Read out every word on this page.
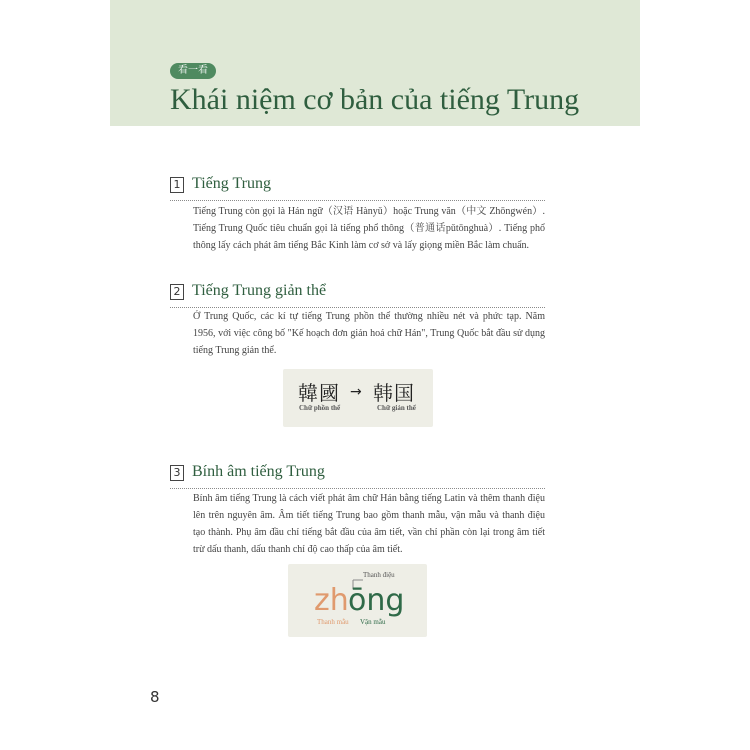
看一看
Khái niệm cơ bản của tiếng Trung
1 Tiếng Trung

Tiếng Trung còn gọi là Hán ngữ（汉语 Hànyǔ）hoặc Trung văn（中文 Zhōngwén）. Tiếng Trung Quốc tiêu chuẩn gọi là tiếng phổ thông（普通话pǔtōnghuà）. Tiếng phổ thông lấy cách phát âm tiếng Bắc Kinh làm cơ sở và lấy giọng miền Bắc làm chuẩn.

2 Tiếng Trung giản thể

Ở Trung Quốc, các kí tự tiếng Trung phồn thể thường nhiều nét và phức tạp. Năm 1956, với việc công bố "Kế hoạch đơn giản hoá chữ Hán", Trung Quốc bắt đầu sử dụng tiếng Trung giản thể.

韓國 → 韩国
Chữ phồn thể	Chữ giản thể
3 Bính âm tiếng Trung

Bính âm tiếng Trung là cách viết phát âm chữ Hán bằng tiếng Latin và thêm thanh điệu lên trên nguyên âm. Âm tiết tiếng Trung bao gồm thanh mẫu, vận mẫu và thanh điệu tạo thành. Phụ âm đầu chỉ tiếng bắt đầu của âm tiết, vần chỉ phần còn lại trong âm tiết trừ dấu thanh, dấu thanh chỉ độ cao thấp của âm tiết.

Thanh điệu
zh ōng
Thanh mẫu Vận mẫu
8
